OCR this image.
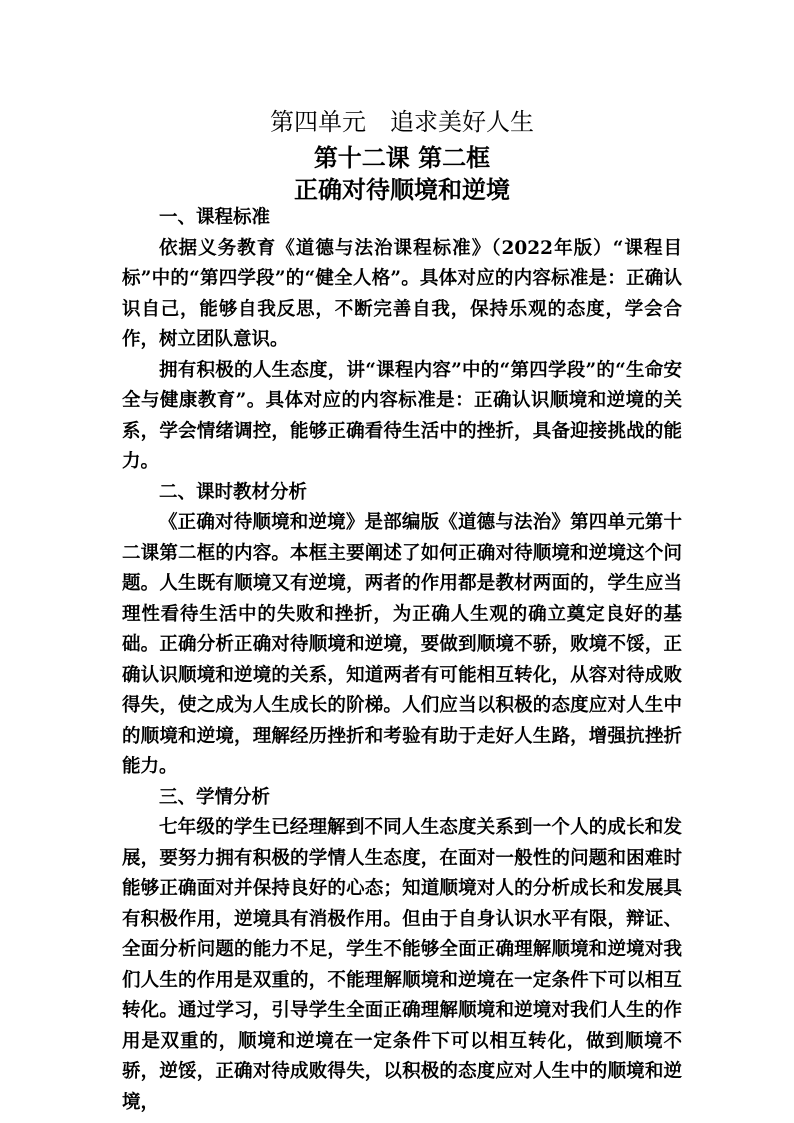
第四单元　追求美好人生
第十二课 第二框
正确对待顺境和逆境

一、课程标准

依据义务教育《道德与法治课程标准》（2022年版）“课程目标”中的“第四学段”的“健全人格”。具体对应的内容标准是：正确认识自己，能够自我反思，不断完善自我，保持乐观的态度，学会合作，树立团队意识。

拥有积极的人生态度，讲“课程内容”中的“第四学段”的“生命安全与健康教育”。具体对应的内容标准是：正确认识顺境和逆境的关系，学会情绪调控，能够正确看待生活中的挫折，具备迎接挑战的能力。

二、课时教材分析

《正确对待顺境和逆境》是部编版《道德与法治》第四单元第十二课第二框的内容。本框主要阐述了如何正确对待顺境和逆境这个问题。人生既有顺境又有逆境，两者的作用都是教材两面的，学生应当理性看待生活中的失败和挫折，为正确人生观的确立奠定良好的基础。正确分析正确对待顺境和逆境，要做到顺境不骄，败境不馁，正确认识顺境和逆境的关系，知道两者有可能相互转化，从容对待成败得失，使之成为人生成长的阶梯。人们应当以积极的态度应对人生中的顺境和逆境，理解经历挫折和考验有助于走好人生路，增强抗挫折能力。

三、学情分析

七年级的学生已经理解到不同人生态度关系到一个人的成长和发展，要努力拥有积极的学情人生态度，在面对一般性的问题和困难时能够正确面对并保持良好的心态；知道顺境对人的分析成长和发展具有积极作用，逆境具有消极作用。但由于自身认识水平有限，辩证、全面分析问题的能力不足，学生不能够全面正确理解顺境和逆境对我们人生的作用是双重的，不能理解顺境和逆境在一定条件下可以相互转化。通过学习，引导学生全面正确理解顺境和逆境对我们人生的作用是双重的，顺境和逆境在一定条件下可以相互转化，做到顺境不骄，逆馁，正确对待成败得失，以积极的态度应对人生中的顺境和逆境，
